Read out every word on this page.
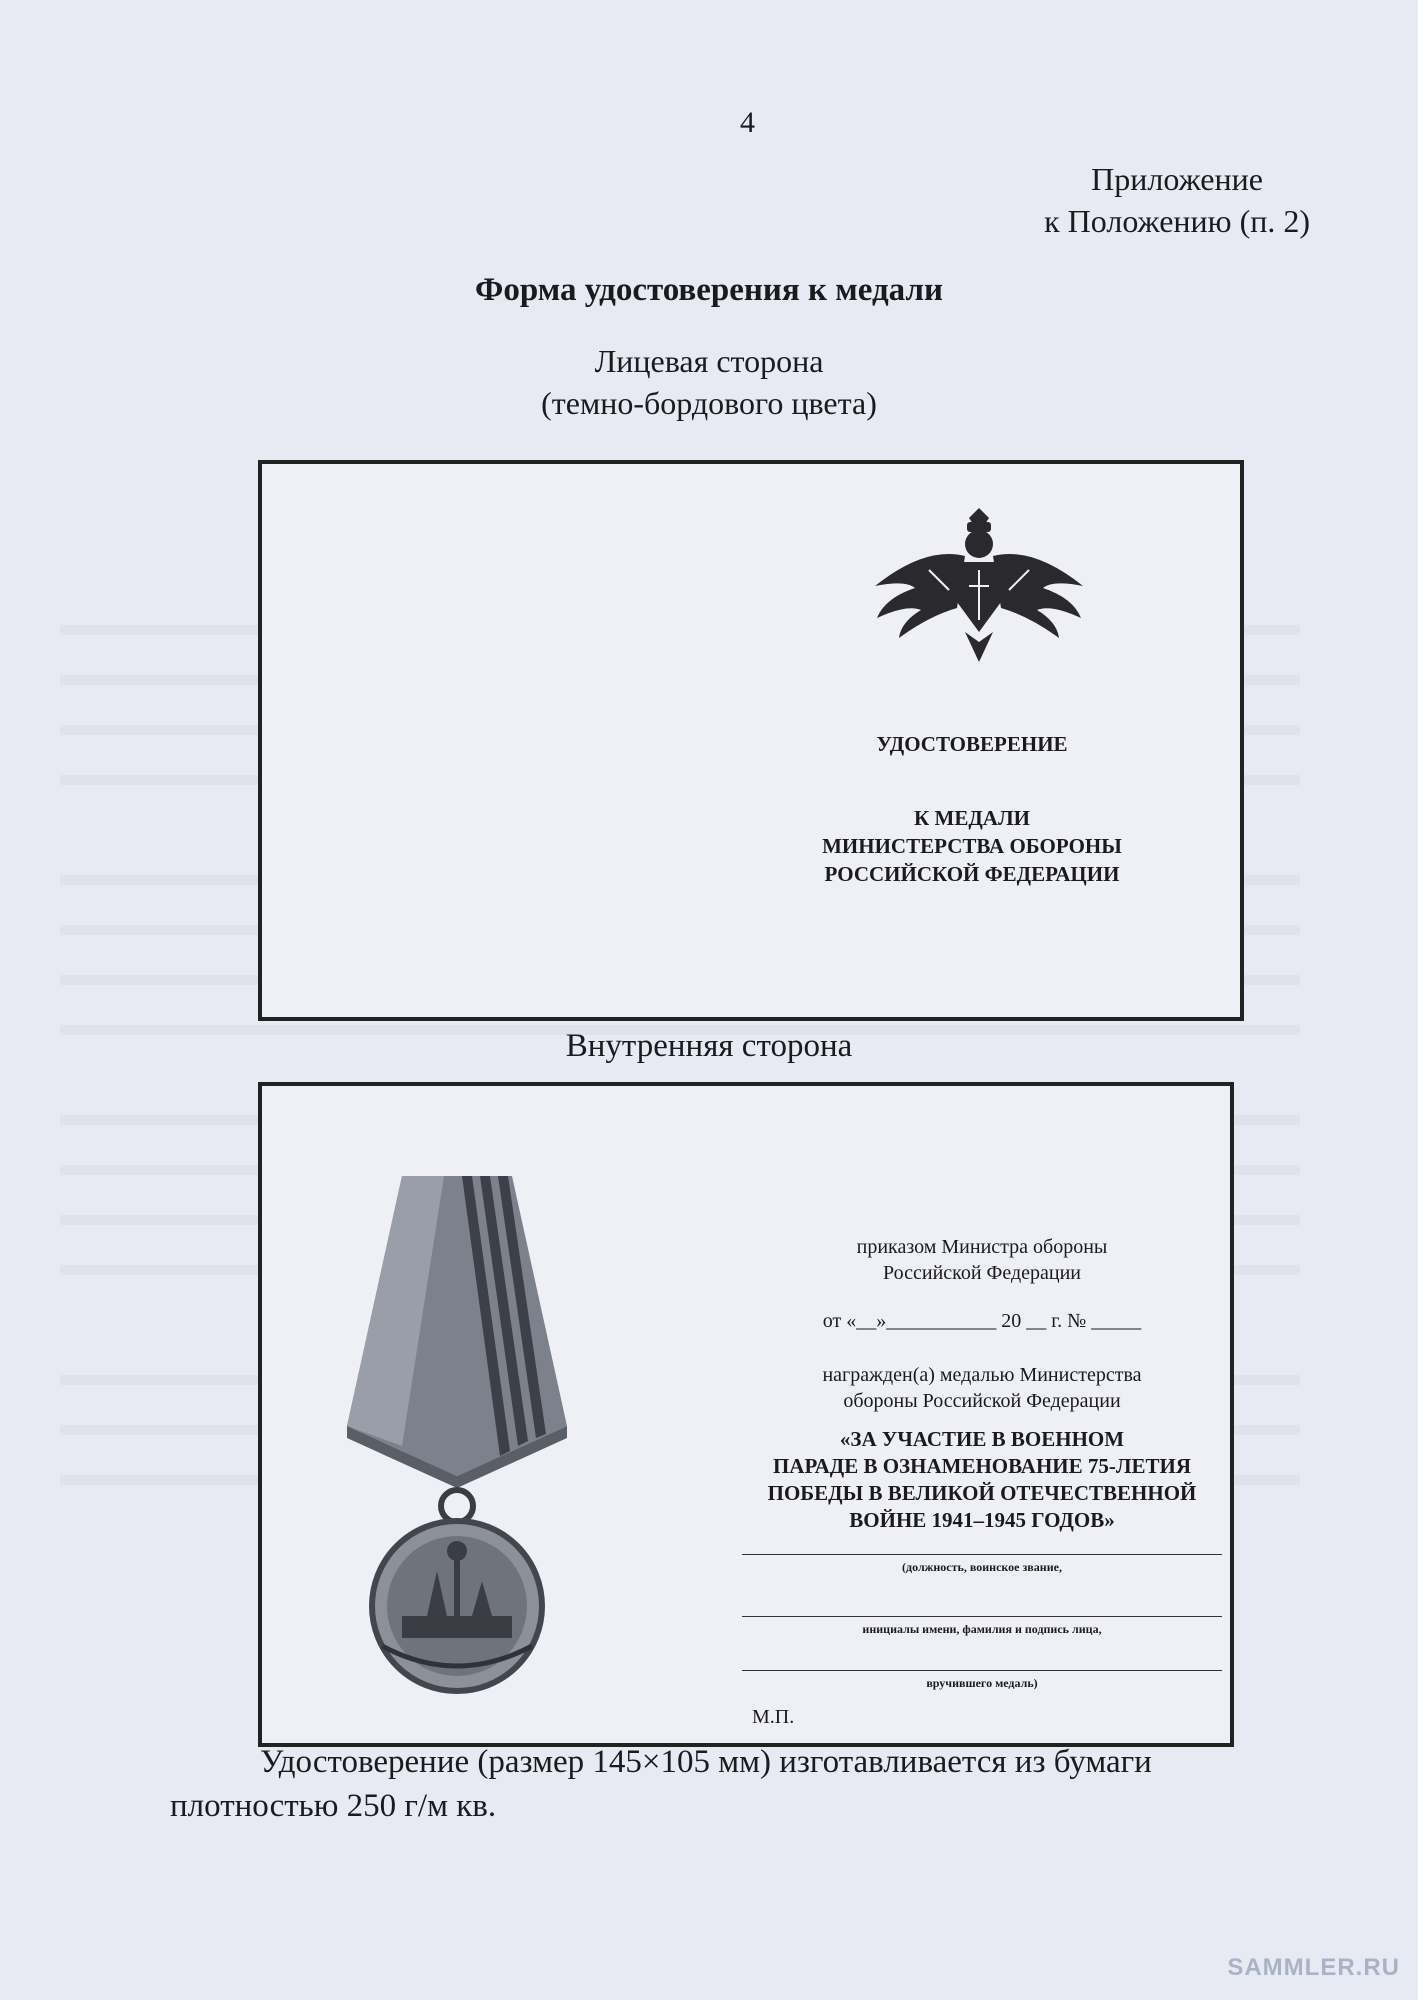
4
Приложение
к Положению (п. 2)
Форма удостоверения к медали
Лицевая сторона
(темно-бордового цвета)
УДОСТОВЕРЕНИЕ
К МЕДАЛИ
МИНИСТЕРСТВА ОБОРОНЫ
РОССИЙСКОЙ ФЕДЕРАЦИИ
Внутренняя сторона
приказом Министра обороны
Российской Федерации
от «__»___________ 20 __ г. № _____
награжден(а) медалью Министерства
обороны Российской Федерации
«ЗА УЧАСТИЕ В ВОЕННОМ
ПАРАДЕ В ОЗНАМЕНОВАНИЕ 75-ЛЕТИЯ
ПОБЕДЫ В ВЕЛИКОЙ ОТЕЧЕСТВЕННОЙ
ВОЙНЕ 1941–1945 ГОДОВ»
(должность, воинское звание,
инициалы имени, фамилия и подпись лица,
вручившего медаль)
М.П.
Удостоверение (размер 145×105 мм) изготавливается из бумаги
плотностью 250 г/м кв.
SAMMLER.RU
